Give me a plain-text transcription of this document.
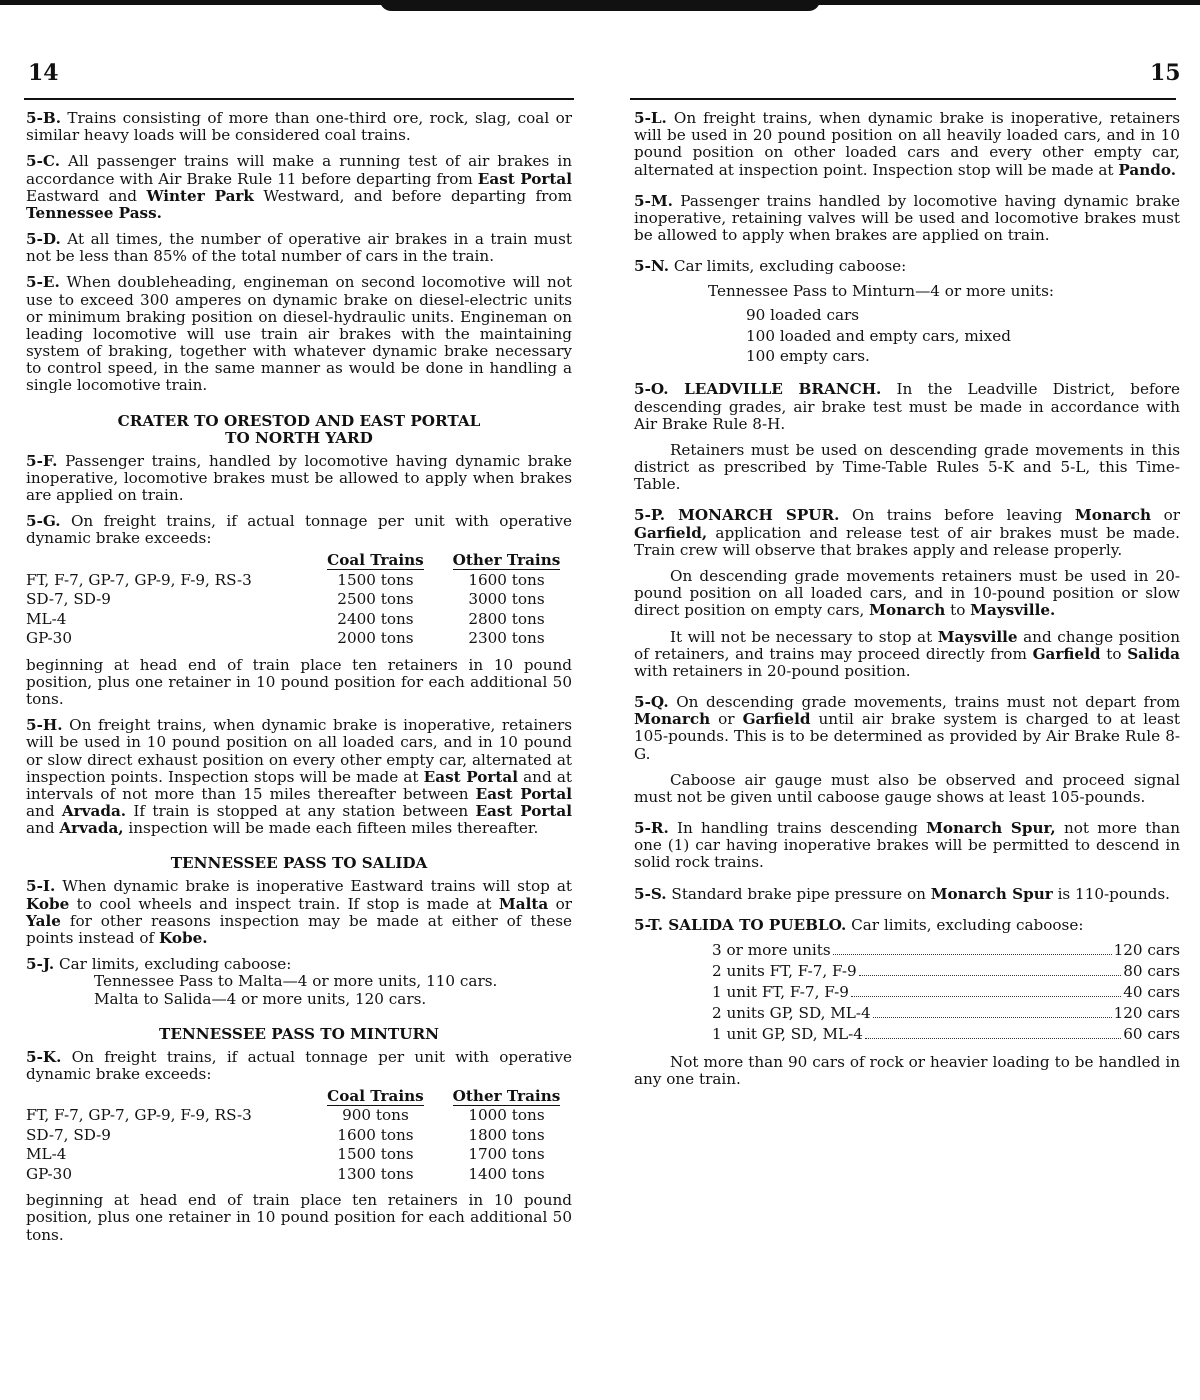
14	15

5-B. Trains consisting of more than one-third ore, rock, slag, coal or similar heavy loads will be considered coal trains.

5-C. All passenger trains will make a running test of air brakes in accordance with Air Brake Rule 11 before departing from East Portal Eastward and Winter Park Westward, and before departing from Tennessee Pass.

5-D. At all times, the number of operative air brakes in a train must not be less than 85% of the total number of cars in the train.

5-E. When doubleheading, engineman on second locomotive will not use to exceed 300 amperes on dynamic brake on diesel-electric units or minimum braking position on diesel-hydraulic units. Engineman on leading locomotive will use train air brakes with the maintaining system of braking, together with whatever dynamic brake necessary to control speed, in the same manner as would be done in handling a single locomotive train.

CRATER TO ORESTOD AND EAST PORTAL
TO NORTH YARD

5-F. Passenger trains, handled by locomotive having dynamic brake inoperative, locomotive brakes must be allowed to apply when brakes are applied on train.

5-G. On freight trains, if actual tonnage per unit with operative dynamic brake exceeds:

	Coal Trains	Other Trains
FT, F-7, GP-7, GP-9, F-9, RS-3	1500 tons	1600 tons
SD-7, SD-9	2500 tons	3000 tons
ML-4	2400 tons	2800 tons
GP-30	2000 tons	2300 tons

beginning at head end of train place ten retainers in 10 pound position, plus one retainer in 10 pound position for each additional 50 tons.

5-H. On freight trains, when dynamic brake is inoperative, retainers will be used in 10 pound position on all loaded cars, and in 10 pound or slow direct exhaust position on every other empty car, alternated at inspection points. Inspection stops will be made at East Portal and at intervals of not more than 15 miles thereafter between East Portal and Arvada. If train is stopped at any station between East Portal and Arvada, inspection will be made each fifteen miles thereafter.

TENNESSEE PASS TO SALIDA

5-I. When dynamic brake is inoperative Eastward trains will stop at Kobe to cool wheels and inspect train. If stop is made at Malta or Yale for other reasons inspection may be made at either of these points instead of Kobe.

5-J. Car limits, excluding caboose:
Tennessee Pass to Malta—4 or more units, 110 cars.
Malta to Salida—4 or more units, 120 cars.
TENNESSEE PASS TO MINTURN

5-K. On freight trains, if actual tonnage per unit with operative dynamic brake exceeds:

	Coal Trains	Other Trains
FT, F-7, GP-7, GP-9, F-9, RS-3	900 tons	1000 tons
SD-7, SD-9	1600 tons	1800 tons
ML-4	1500 tons	1700 tons
GP-30	1300 tons	1400 tons

beginning at head end of train place ten retainers in 10 pound position, plus one retainer in 10 pound position for each additional 50 tons.

5-L. On freight trains, when dynamic brake is inoperative, retainers will be used in 20 pound position on all heavily loaded cars, and in 10 pound position on other loaded cars and every other empty car, alternated at inspection point. Inspection stop will be made at Pando.

5-M. Passenger trains handled by locomotive having dynamic brake inoperative, retaining valves will be used and locomotive brakes must be allowed to apply when brakes are applied on train.

5-N. Car limits, excluding caboose:
Tennessee Pass to Minturn—4 or more units:
90 loaded cars
100 loaded and empty cars, mixed
100 empty cars.

5-O. LEADVILLE BRANCH. In the Leadville District, before descending grades, air brake test must be made in accordance with Air Brake Rule 8-H.

Retainers must be used on descending grade movements in this district as prescribed by Time-Table Rules 5-K and 5-L, this Time-Table.

5-P. MONARCH SPUR. On trains before leaving Monarch or Garfield, application and release test of air brakes must be made. Train crew will observe that brakes apply and release properly.

On descending grade movements retainers must be used in 20-pound position on all loaded cars, and in 10-pound position or slow direct position on empty cars, Monarch to Maysville.

It will not be necessary to stop at Maysville and change position of retainers, and trains may proceed directly from Garfield to Salida with retainers in 20-pound position.

5-Q. On descending grade movements, trains must not depart from Monarch or Garfield until air brake system is charged to at least 105-pounds. This is to be determined as provided by Air Brake Rule 8-G.

Caboose air gauge must also be observed and proceed signal must not be given until caboose gauge shows at least 105-pounds.

5-R. In handling trains descending Monarch Spur, not more than one (1) car having inoperative brakes will be permitted to descend in solid rock trains.

5-S. Standard brake pipe pressure on Monarch Spur is 110-pounds.

5-T. SALIDA TO PUEBLO. Car limits, excluding caboose:
3 or more units	120 cars
2 units FT, F-7, F-9	80 cars
1 unit FT, F-7, F-9	40 cars
2 units GP, SD, ML-4	120 cars
1 unit GP, SD, ML-4	60 cars

Not more than 90 cars of rock or heavier loading to be handled in any one train.
